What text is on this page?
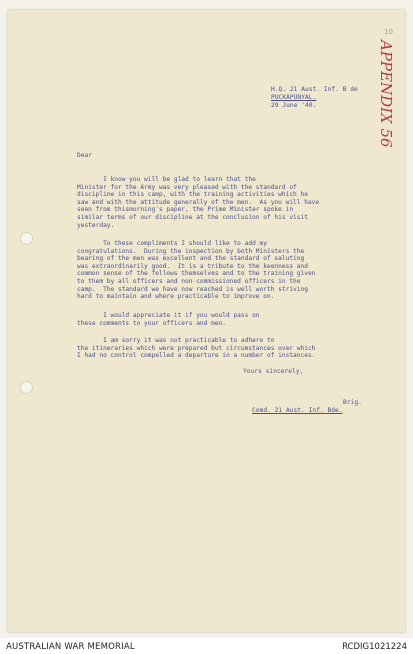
10
APPENDIX 56
H.Q. 21 Aust. Inf. B de
PUCKAPUNYAL.
29 June '40.
Dear
I know you will be glad to learn that the
Minister for the Army was very pleased with the standard of
discipline in this camp, with the training activities which he
saw and with the attitude generally of the men.  As you will have
seen from thismorning's paper, the Prime Minister spoke in
similar terms of our discipline at the conclusion of his visit
yesterday.
To these compliments I should like to add my
congratulations.  During the inspection by both Ministers the
bearing of the men was excellent and the standard of saluting
was extraordinarily good.  It is a tribute to the keenness and
common sense of the fellows themselves and to the training given
to them by all officers and non-commissioned officers in the
camp.  The standard we have now reached is well worth striving
hard to maintain and where practicable to improve on.
I would appreciate it if you would pass on
these comments to your officers and men.
I am sorry it was not practicable to adhere to
the itineraries which were prepared but circumstances over which
I had no control compelled a departure in a number of instances.
Yours sincerely,
Brig.
Comd. 21 Aust. Inf. Bde.
AUSTRALIAN WAR MEMORIAL	RCDIG1021224
